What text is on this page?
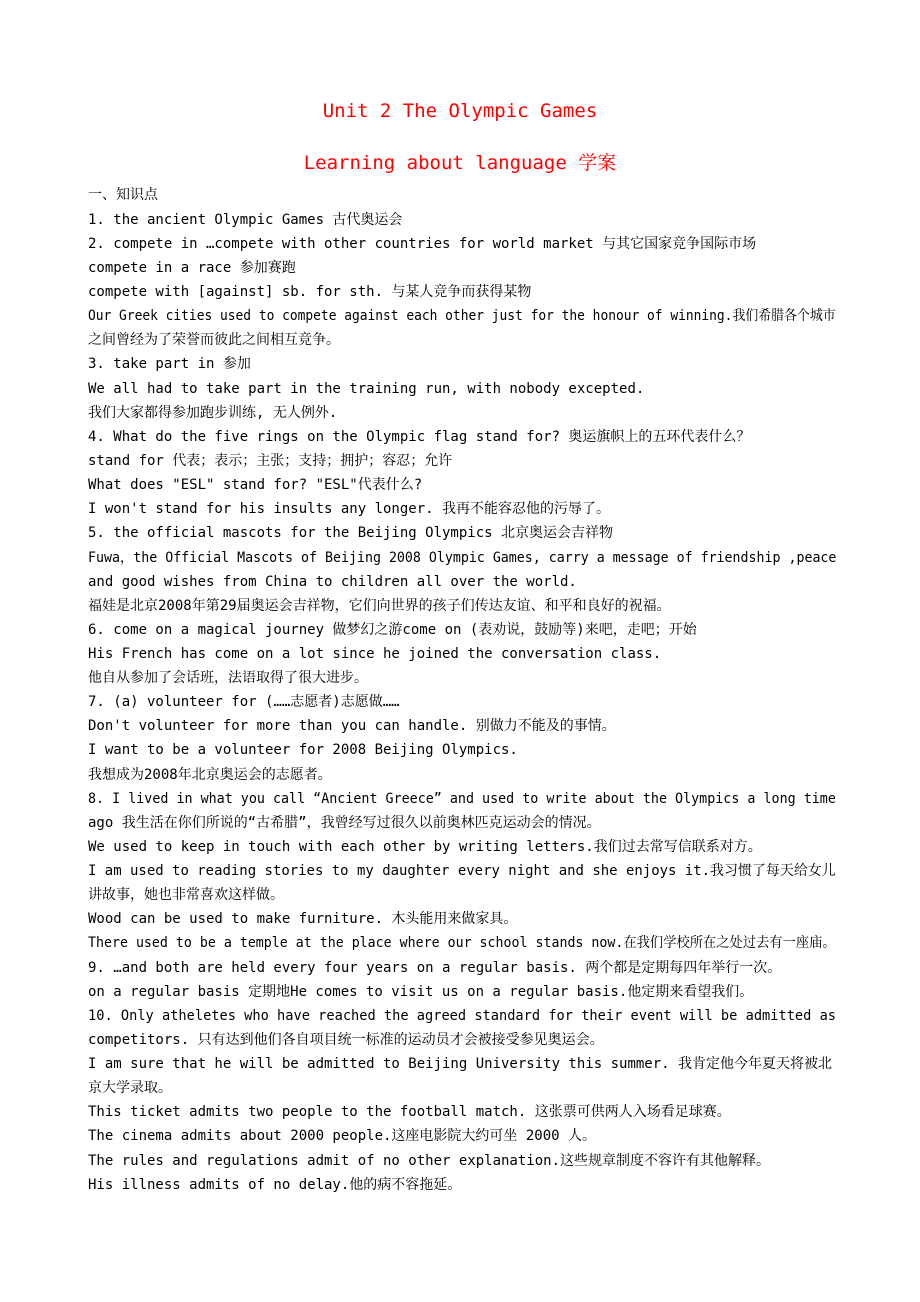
Unit 2 The Olympic Games
Learning about language 学案
一、知识点
1. the ancient Olympic Games 古代奥运会
2. compete in …compete with other countries for world market 与其它国家竞争国际市场
compete in a race 参加赛跑
compete with [against] sb. for sth. 与某人竞争而获得某物
Our Greek cities used to compete against each other just for the honour of winning.我们希腊各个城市
之间曾经为了荣誉而彼此之间相互竞争。
3. take part in 参加
We all had to take part in the training run, with nobody excepted.
我们大家都得参加跑步训练, 无人例外.
4. What do the five rings on the Olympic flag stand for? 奥运旗帜上的五环代表什么？
stand for 代表；表示；主张；支持；拥护；容忍；允许
What does "ESL" stand for? "ESL"代表什么?
I won't stand for his insults any longer. 我再不能容忍他的污辱了。
5. the official mascots for the Beijing Olympics 北京奥运会吉祥物
Fuwa，the Official Mascots of Beijing 2008 Olympic Games, carry a message of friendship ,peace
and good wishes from China to children all over the world.
福娃是北京2008年第29届奥运会吉祥物，它们向世界的孩子们传达友谊、和平和良好的祝福。
6. come on a magical journey 做梦幻之游come on (表劝说，鼓励等)来吧，走吧；开始
His French has come on a lot since he joined the conversation class.
他自从参加了会话班，法语取得了很大进步。
7. (a) volunteer for (……志愿者)志愿做……
Don't volunteer for more than you can handle. 别做力不能及的事情。
I want to be a volunteer for 2008 Beijing Olympics.
我想成为2008年北京奥运会的志愿者。
8. I lived in what you call “Ancient Greece” and used to write about the Olympics a long time
ago 我生活在你们所说的“古希腊”，我曾经写过很久以前奥林匹克运动会的情况。
We used to keep in touch with each other by writing letters.我们过去常写信联系对方。
I am used to reading stories to my daughter every night and she enjoys it.我习惯了每天给女儿
讲故事，她也非常喜欢这样做。
Wood can be used to make furniture. 木头能用来做家具。
There used to be a temple at the place where our school stands now.在我们学校所在之处过去有一座庙。
9. …and both are held every four years on a regular basis. 两个都是定期每四年举行一次。
on a regular basis 定期地He comes to visit us on a regular basis.他定期来看望我们。
10. Only atheletes who have reached the agreed standard for their event will be admitted as
competitors. 只有达到他们各自项目统一标准的运动员才会被接受参见奥运会。
I am sure that he will be admitted to Beijing University this summer. 我肯定他今年夏天将被北
京大学录取。
This ticket admits two people to the football match. 这张票可供两人入场看足球赛。
The cinema admits about 2000 people.这座电影院大约可坐 2000 人。
The rules and regulations admit of no other explanation.这些规章制度不容许有其他解释。
His illness admits of no delay.他的病不容拖延。
